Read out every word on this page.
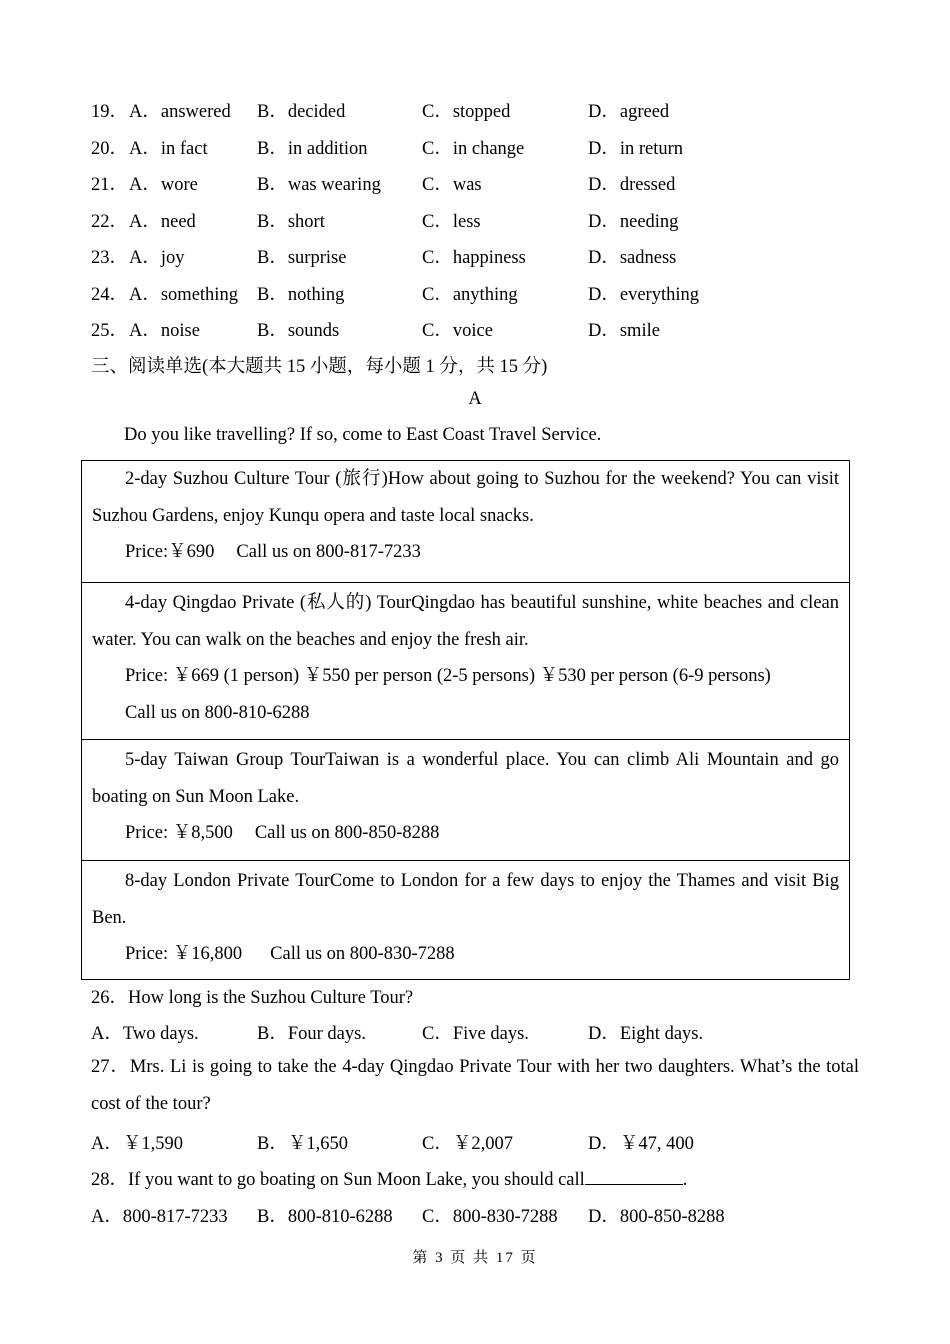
19． A．answered B．decided	C．stopped	D．agreed
20． A．in fact	B．in addition	C．in change	D．in return
21． A．wore	B．was wearing C．was	D．dressed
22． A．need	B．short	C．less	D．needing
23． A．joy	B．surprise	C．happiness	D．sadness
24． A．something B．nothing	C．anything	D．everything
25． A．noise	B．sounds	C．voice	D．smile
三、阅读单选(本大题共 15 小题，每小题 1 分，共 15 分)
A
Do you like travelling? If so, come to East Coast Travel Service.

2-day Suzhou Culture Tour (旅行)How about going to Suzhou for the weekend? You can visit Suzhou Gardens, enjoy Kunqu opera and taste local snacks.

Price:￥690 Call us on 800-817-7233

4-day Qingdao Private (私人的) TourQingdao has beautiful sunshine, white beaches and clean water. You can walk on the beaches and enjoy the fresh air.

Price: ￥669 (1 person) ￥550 per person (2-5 persons) ￥530 per person (6-9 persons)

Call us on 800-810-6288

5-day Taiwan Group TourTaiwan is a wonderful place. You can climb Ali Mountain and go boating on Sun Moon Lake.

Price: ￥8,500 Call us on 800-850-8288

8-day London Private TourCome to London for a few days to enjoy the Thames and visit Big Ben.

Price: ￥16,800 Call us on 800-830-7288

26．How long is the Suzhou Culture Tour?
A．Two days.	B．Four days.	C．Five days.	D．Eight days.
27．Mrs. Li is going to take the 4-day Qingdao Private Tour with her two daughters. What’s the total cost of the tour?
A．￥1,590	B．￥1,650	C．￥2,007	D．￥47, 400
28．If you want to go boating on Sun Moon Lake, you should call	.
A．800-817-7233 B．800-810-6288 C．800-830-7288 D．800-850-8288
第 3 页 共 17 页
